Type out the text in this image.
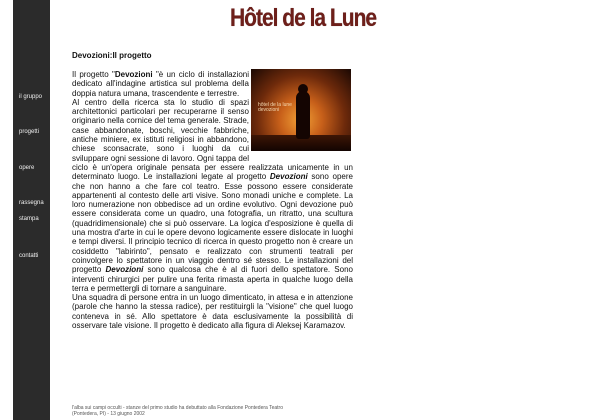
il gruppo
progetti
opere
rassegna
stampa
contatti
Hôtel de la Lune
Devozioni:Il progetto
hôtel de la lune
devozioni

Il progetto "Devozioni "è un ciclo di installazioni dedicato all'indagine artistica sul problema della doppia natura umana, trascendente e terrestre.

Al centro della ricerca sta lo studio di spazi architettonici particolari per recuperarne il senso originario nella cornice del tema generale. Strade, case abbandonate, boschi, vecchie fabbriche, antiche miniere, ex istituti religiosi in abbandono, chiese sconsacrate, sono i luoghi da cui sviluppare ogni sessione di lavoro. Ogni tappa del ciclo è un'opera originale pensata per essere realizzata unicamente in un determinato luogo. Le installazioni legate al progetto Devozioni sono opere che non hanno a che fare col teatro. Esse possono essere considerate appartenenti al contesto delle arti visive. Sono monadi uniche e complete. La loro numerazione non obbedisce ad un ordine evolutivo. Ogni devozione può essere considerata come un quadro, una fotografia, un ritratto, una scultura (quadridimensionale) che si può osservare. La logica d'esposizione è quella di una mostra d'arte in cui le opere devono logicamente essere dislocate in luoghi e tempi diversi. Il principio tecnico di ricerca in questo progetto non è creare un cosiddetto "labirinto", pensato e realizzato con strumenti teatrali per coinvolgere lo spettatore in un viaggio dentro sé stesso. Le installazioni del progetto Devozioni sono qualcosa che è al di fuori dello spettatore. Sono interventi chirurgici per pulire una ferita rimasta aperta in qualche luogo della terra e permettergli di tornare a sanguinare.

Una squadra di persone entra in un luogo dimenticato, in attesa e in attenzione (parole che hanno la stessa radice), per restituirgli la "visione" che quel luogo conteneva in sé. Allo spettatore è data esclusivamente la possibilità di osservare tale visione. Il progetto è dedicato alla figura di Aleksej Karamazov.

l'alba sui campi occulti - stanze del primo studio ha debuttato alla Fondazione Pontedera Teatro
(Pontedera, PI) - 13 giugno 2002
